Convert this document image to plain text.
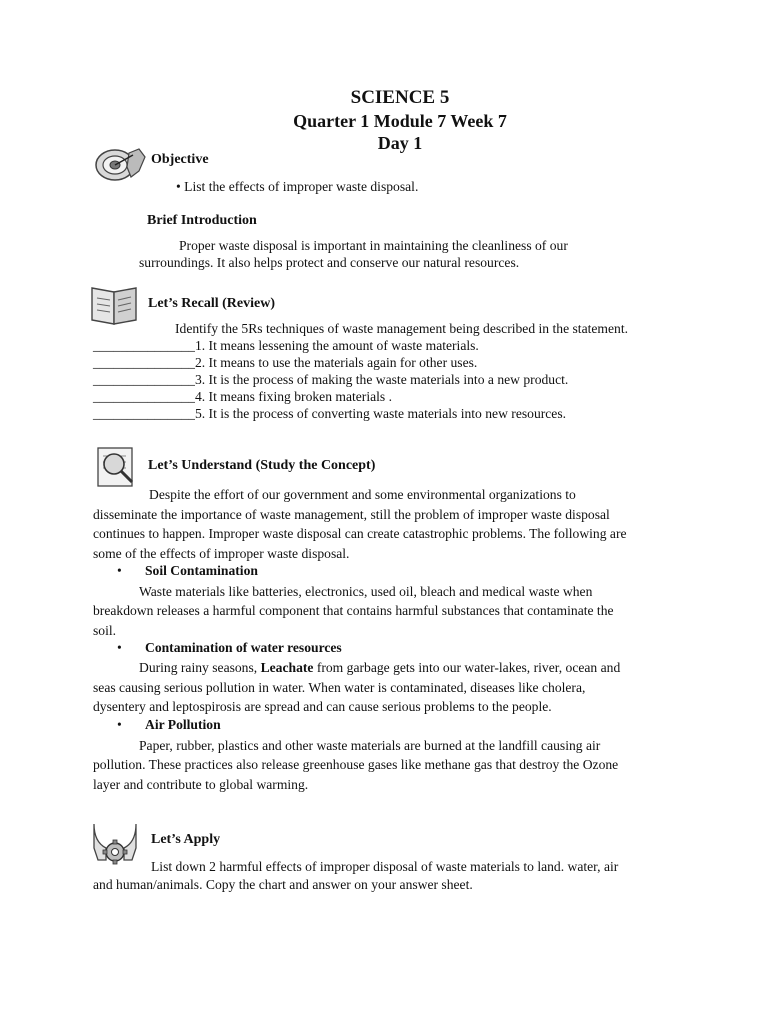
SCIENCE 5
Quarter 1 Module 7 Week 7
Day 1
Objective
• List the effects of improper waste disposal.
Brief Introduction
Proper waste disposal is important in maintaining the cleanliness of our
surroundings. It also helps protect and conserve our natural resources.
Let’s Recall (Review)
Identify the 5Rs techniques of waste management being described in the statement.
_______________1. It means lessening the amount of waste materials.
_______________2. It means to use the materials again for other uses.
_______________3. It is the process of making the waste materials into a new product.
_______________4. It means fixing broken materials .
_______________5. It is the process of converting waste materials into new resources.
Let’s Understand (Study the Concept)
Despite the effort of our government and some environmental organizations to
disseminate the importance of waste management, still the problem of improper waste disposal
continues to happen. Improper waste disposal can create catastrophic problems. The following are
some of the effects of improper waste disposal.
• Soil Contamination
Waste materials like batteries, electronics, used oil, bleach and medical waste when
breakdown releases a harmful component that contains harmful substances that contaminate the
soil.
• Contamination of water resources
During rainy seasons, Leachate from garbage gets into our water-lakes, river, ocean and
seas causing serious pollution in water. When water is contaminated, diseases like cholera,
dysentery and leptospirosis are spread and can cause serious problems to the people.
• Air Pollution
Paper, rubber, plastics and other waste materials are burned at the landfill causing air
pollution. These practices also release greenhouse gases like methane gas that destroy the Ozone
layer and contribute to global warming.
Let’s Apply
List down 2 harmful effects of improper disposal of waste materials to land. water, air
and human/animals. Copy the chart and answer on your answer sheet.
